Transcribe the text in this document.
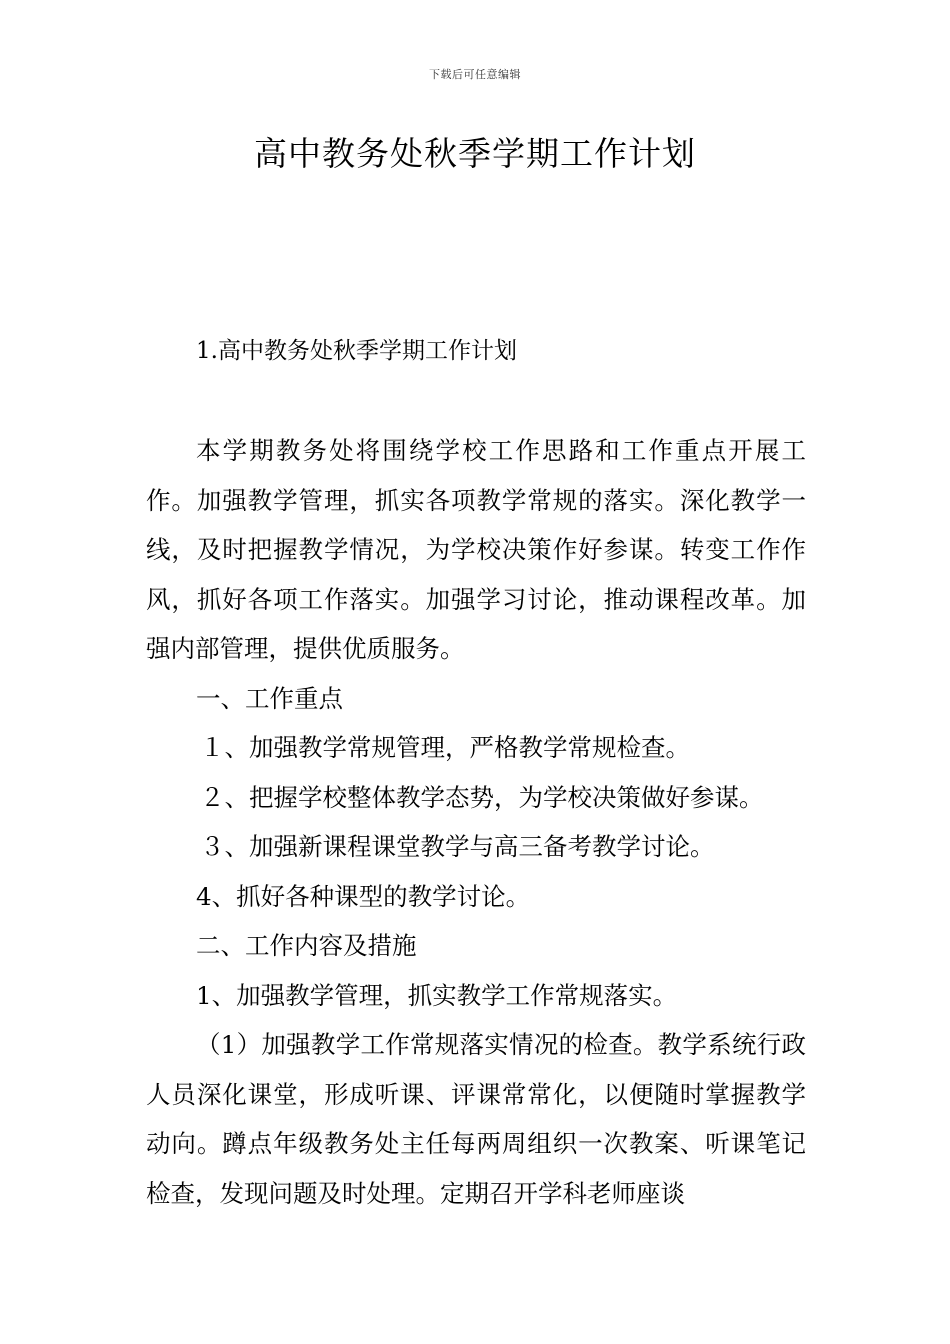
下载后可任意编辑
高中教务处秋季学期工作计划
1.高中教务处秋季学期工作计划

本学期教务处将围绕学校工作思路和工作重点开展工作。加强教学管理，抓实各项教学常规的落实。深化教学一线，及时把握教学情况，为学校决策作好参谋。转变工作作风，抓好各项工作落实。加强学习讨论，推动课程改革。加强内部管理，提供优质服务。

一、工作重点

１、加强教学常规管理，严格教学常规检查。

２、把握学校整体教学态势，为学校决策做好参谋。

３、加强新课程课堂教学与高三备考教学讨论。

4、抓好各种课型的教学讨论。

二、工作内容及措施

1、加强教学管理，抓实教学工作常规落实。

（1）加强教学工作常规落实情况的检查。教学系统行政人员深化课堂，形成听课、评课常常化，以便随时掌握教学动向。蹲点年级教务处主任每两周组织一次教案、听课笔记检查，发现问题及时处理。定期召开学科老师座谈
